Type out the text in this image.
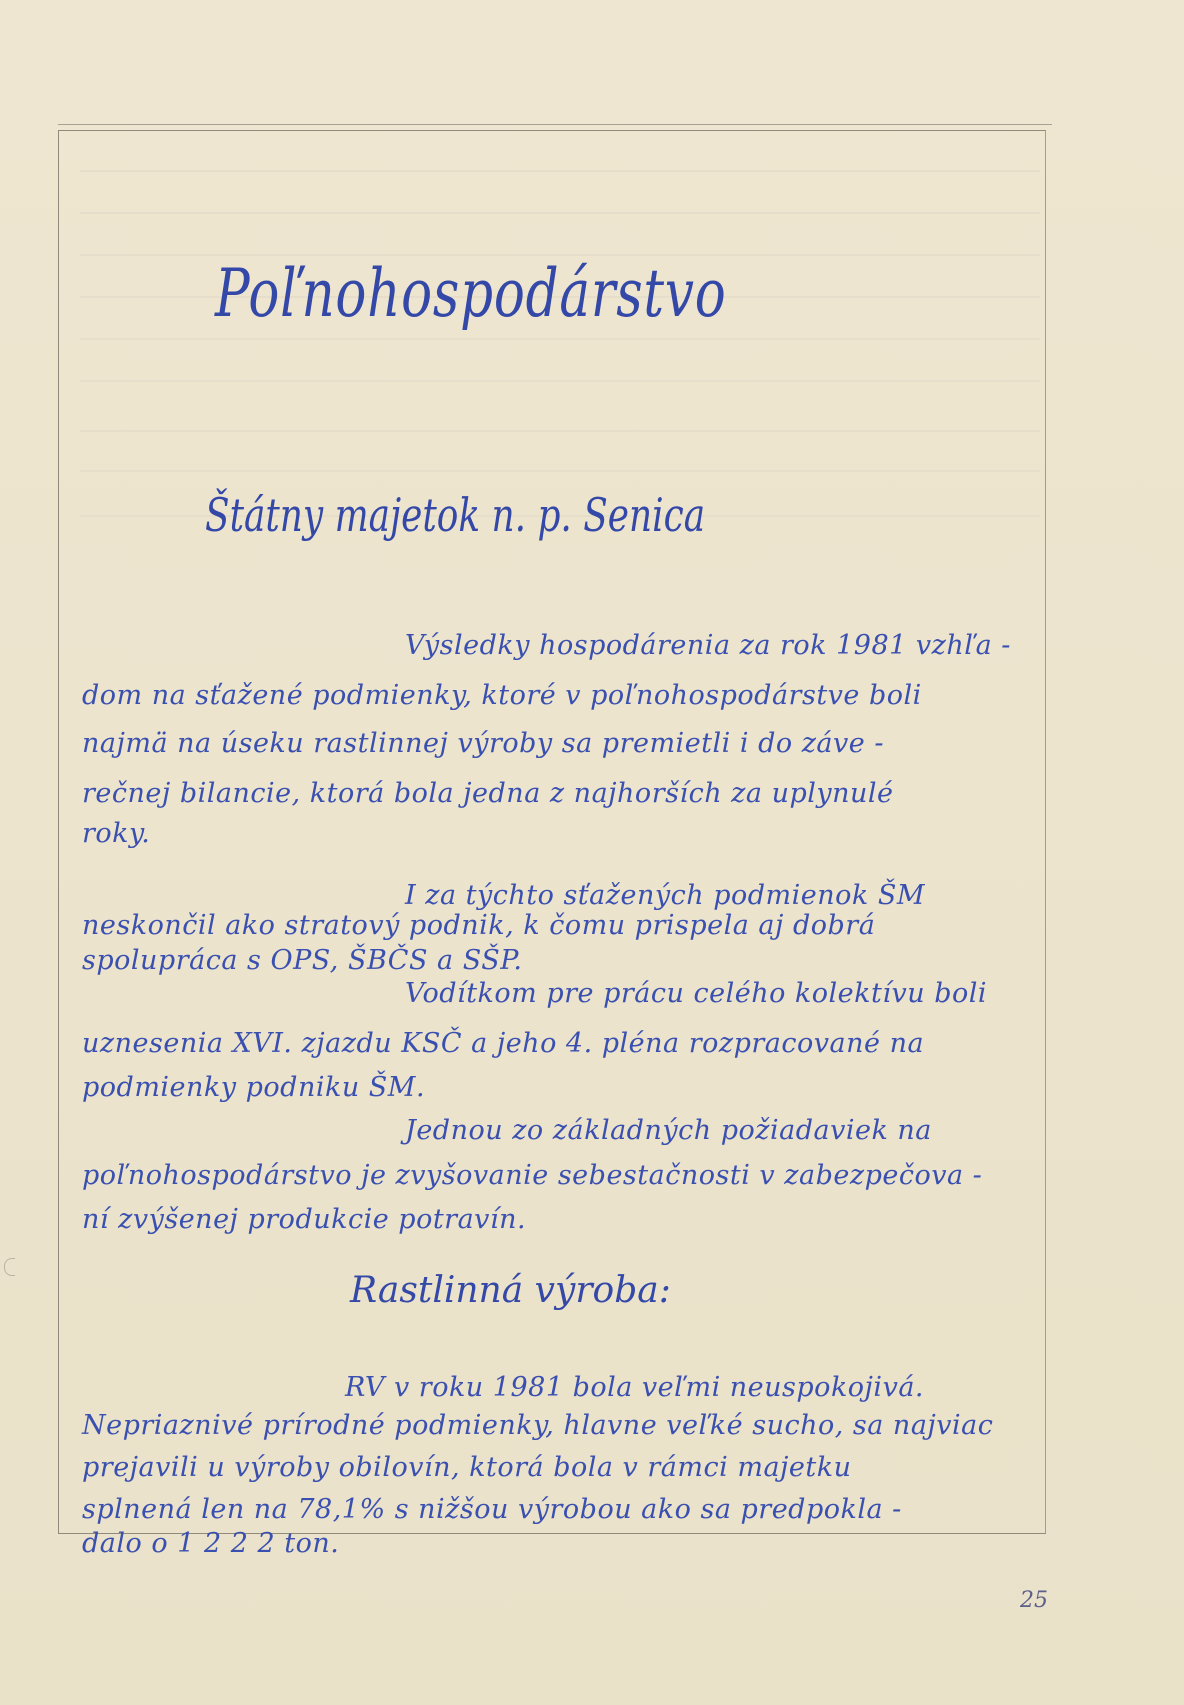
Poľnohospodárstvo
Štátny majetok n. p. Senica
Výsledky hospodárenia za rok 1981 vzhľa -
dom na sťažené podmienky, ktoré v poľnohospodárstve boli
najmä na úseku rastlinnej výroby sa premietli i do záve -
rečnej bilancie, ktorá bola jedna z najhorších za uplynulé
roky.
I za týchto sťažených podmienok ŠM
neskončil ako stratový podnik, k čomu prispela aj dobrá
spolupráca s OPS, ŠBČS a SŠP.
Vodítkom pre prácu celého kolektívu boli
uznesenia XVI. zjazdu KSČ a jeho 4. pléna rozpracované na
podmienky podniku ŠM.
Jednou zo základných požiadaviek na
poľnohospodárstvo je zvyšovanie sebestačnosti v zabezpečova -
ní zvýšenej produkcie potravín.
Rastlinná výroba:
RV v roku 1981 bola veľmi neuspokojivá.
Nepriaznivé prírodné podmienky, hlavne veľké sucho, sa najviac
prejavili u výroby obilovín, ktorá bola v rámci majetku
splnená len na 78,1% s nižšou výrobou ako sa predpokla -
dalo o 1 2 2 2 ton.
25
